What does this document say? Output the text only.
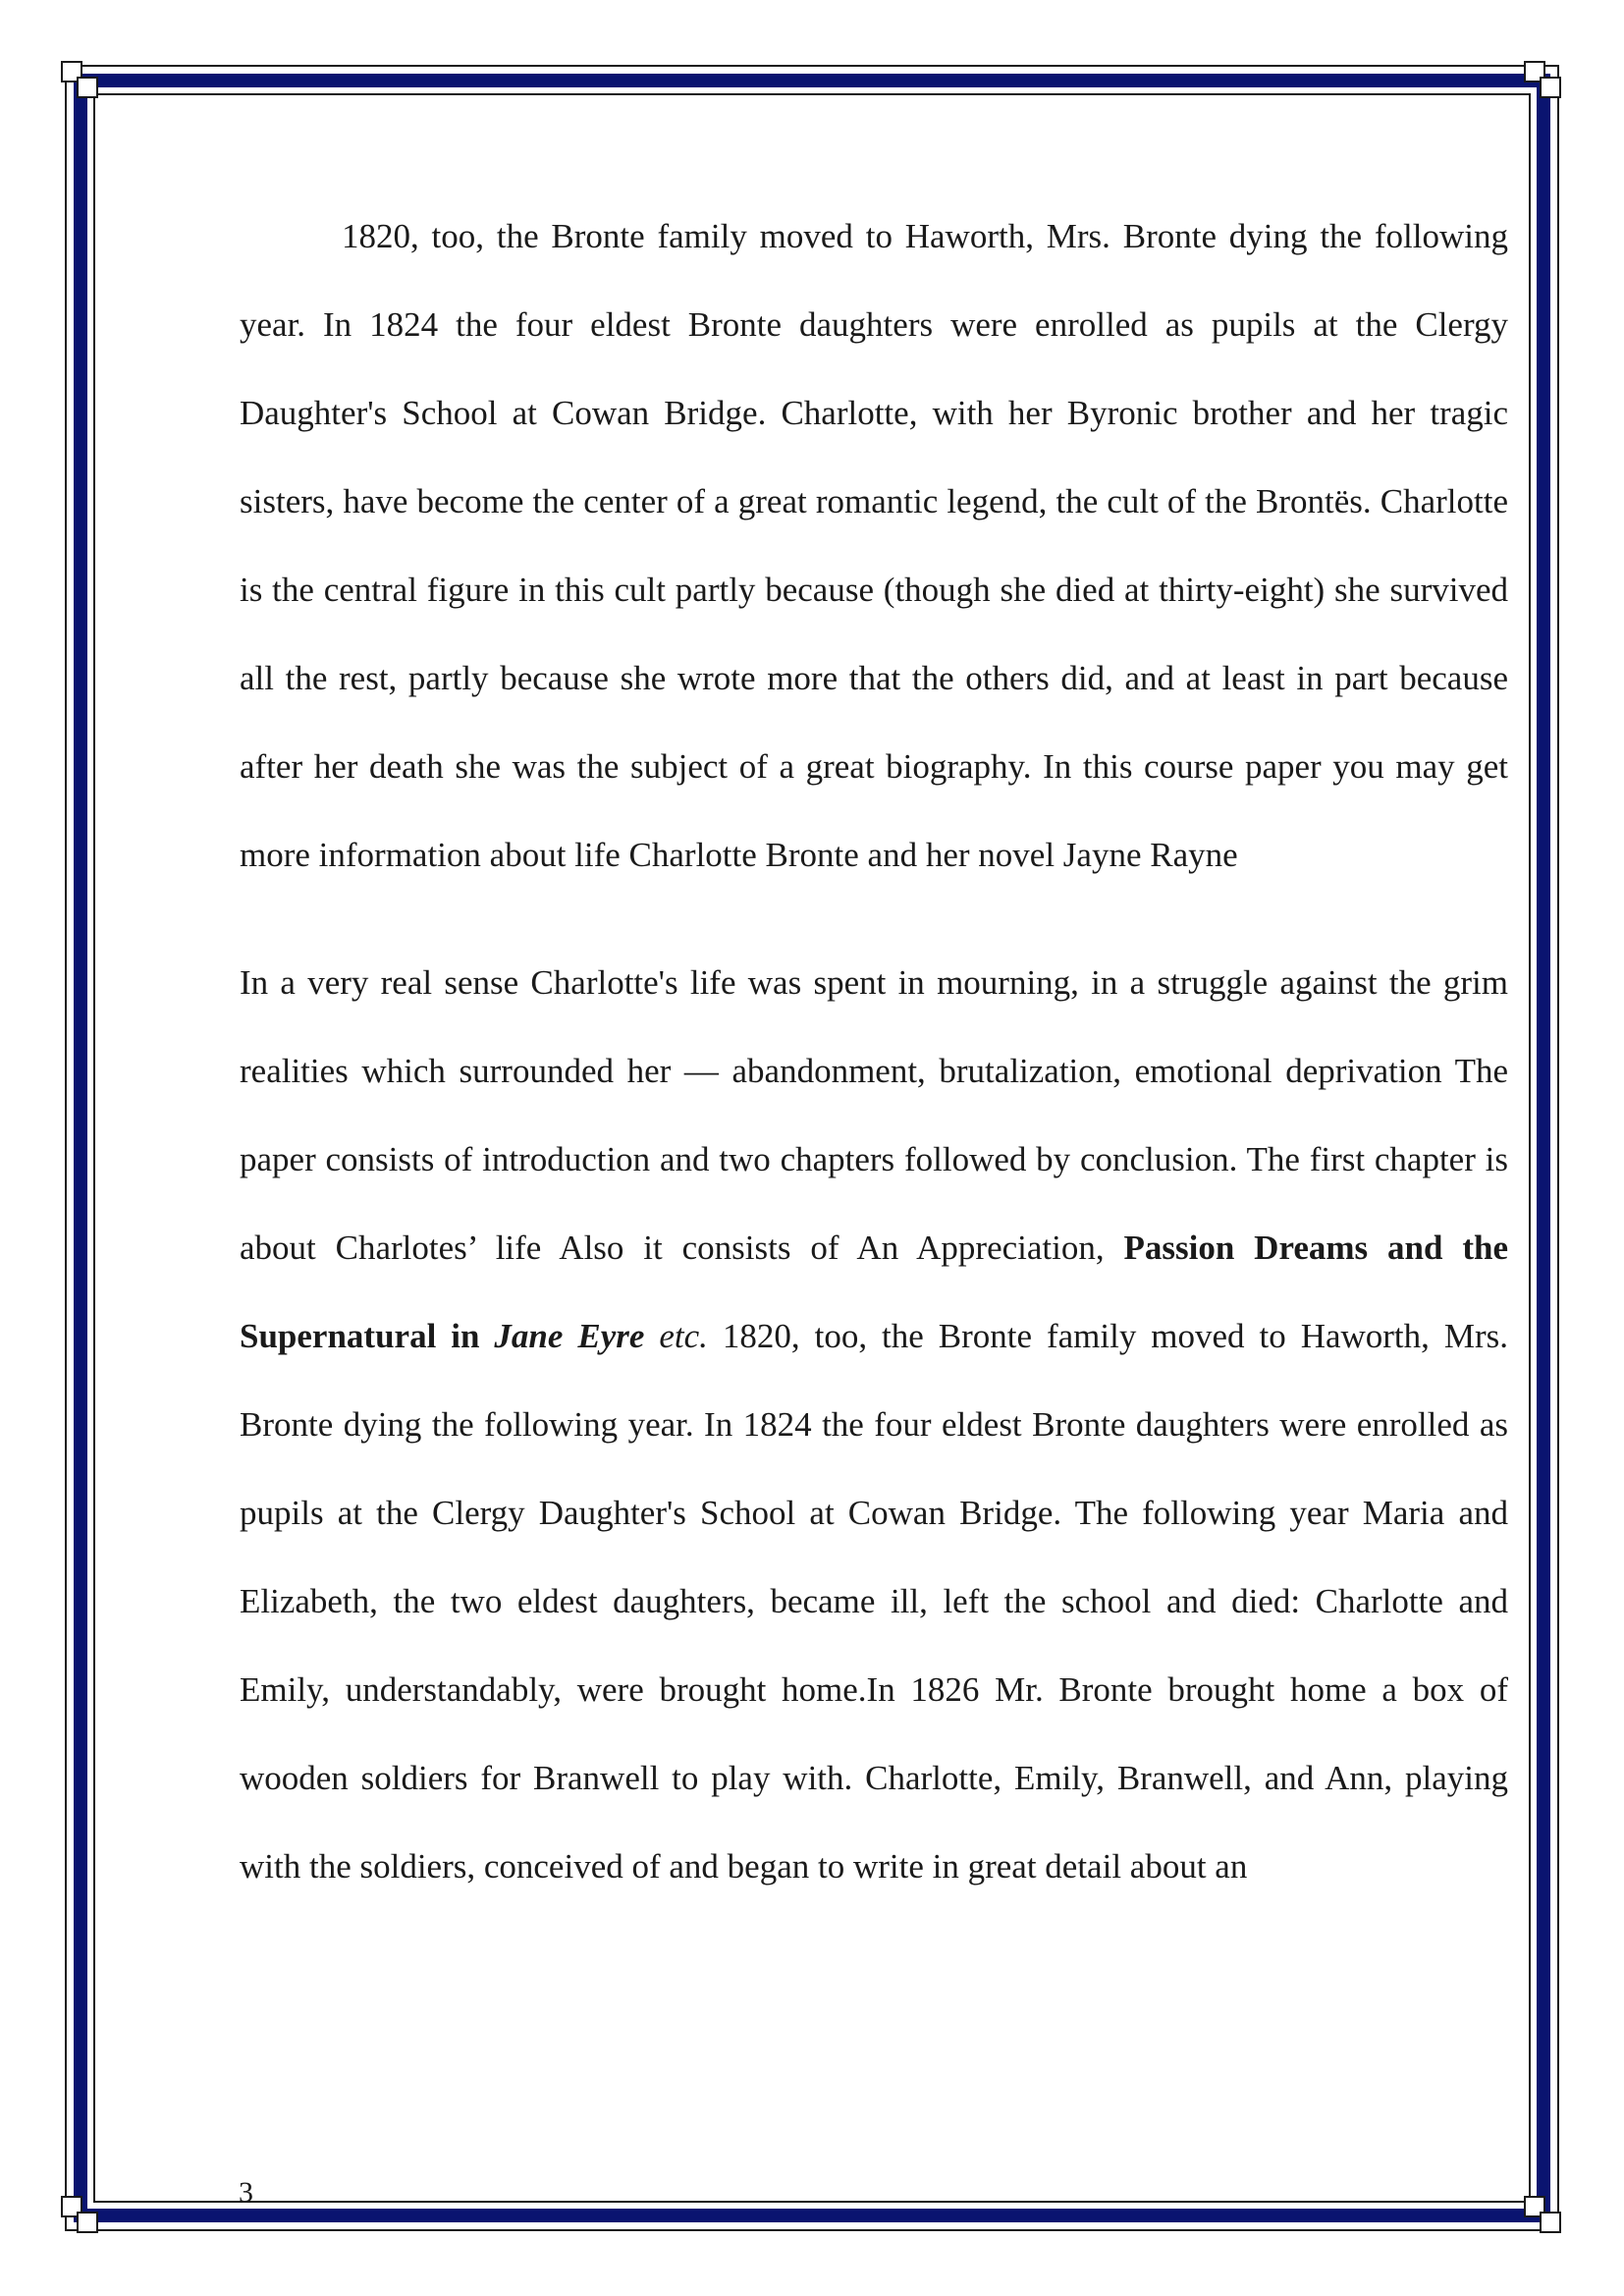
1820, too, the Bronte family moved to Haworth, Mrs. Bronte dying the following year. In 1824 the four eldest Bronte daughters were enrolled as pupils at the Clergy Daughter's School at Cowan Bridge. Charlotte, with her Byronic brother and her tragic sisters, have become the center of a great romantic legend, the cult of the Brontës. Charlotte is the central figure in this cult partly because (though she died at thirty-eight) she survived all the rest, partly because she wrote more that the others did, and at least in part because after her death she was the subject of a great biography. In this course paper you may get more information about life Charlotte Bronte and her novel Jayne Rayne

In a very real sense Charlotte's life was spent in mourning, in a struggle against the grim realities which surrounded her — abandonment, brutalization, emotional deprivation The paper consists of introduction and two chapters followed by conclusion. The first chapter is about Charlotes’ life Also it consists of An Appreciation, Passion Dreams and the Supernatural in Jane Eyre etc. 1820, too, the Bronte family moved to Haworth, Mrs. Bronte dying the following year. In 1824 the four eldest Bronte daughters were enrolled as pupils at the Clergy Daughter's School at Cowan Bridge. The following year Maria and Elizabeth, the two eldest daughters, became ill, left the school and died: Charlotte and Emily, understandably, were brought home.In 1826 Mr. Bronte brought home a box of wooden soldiers for Branwell to play with. Charlotte, Emily, Branwell, and Ann, playing with the soldiers, conceived of and began to write in great detail about an

3
